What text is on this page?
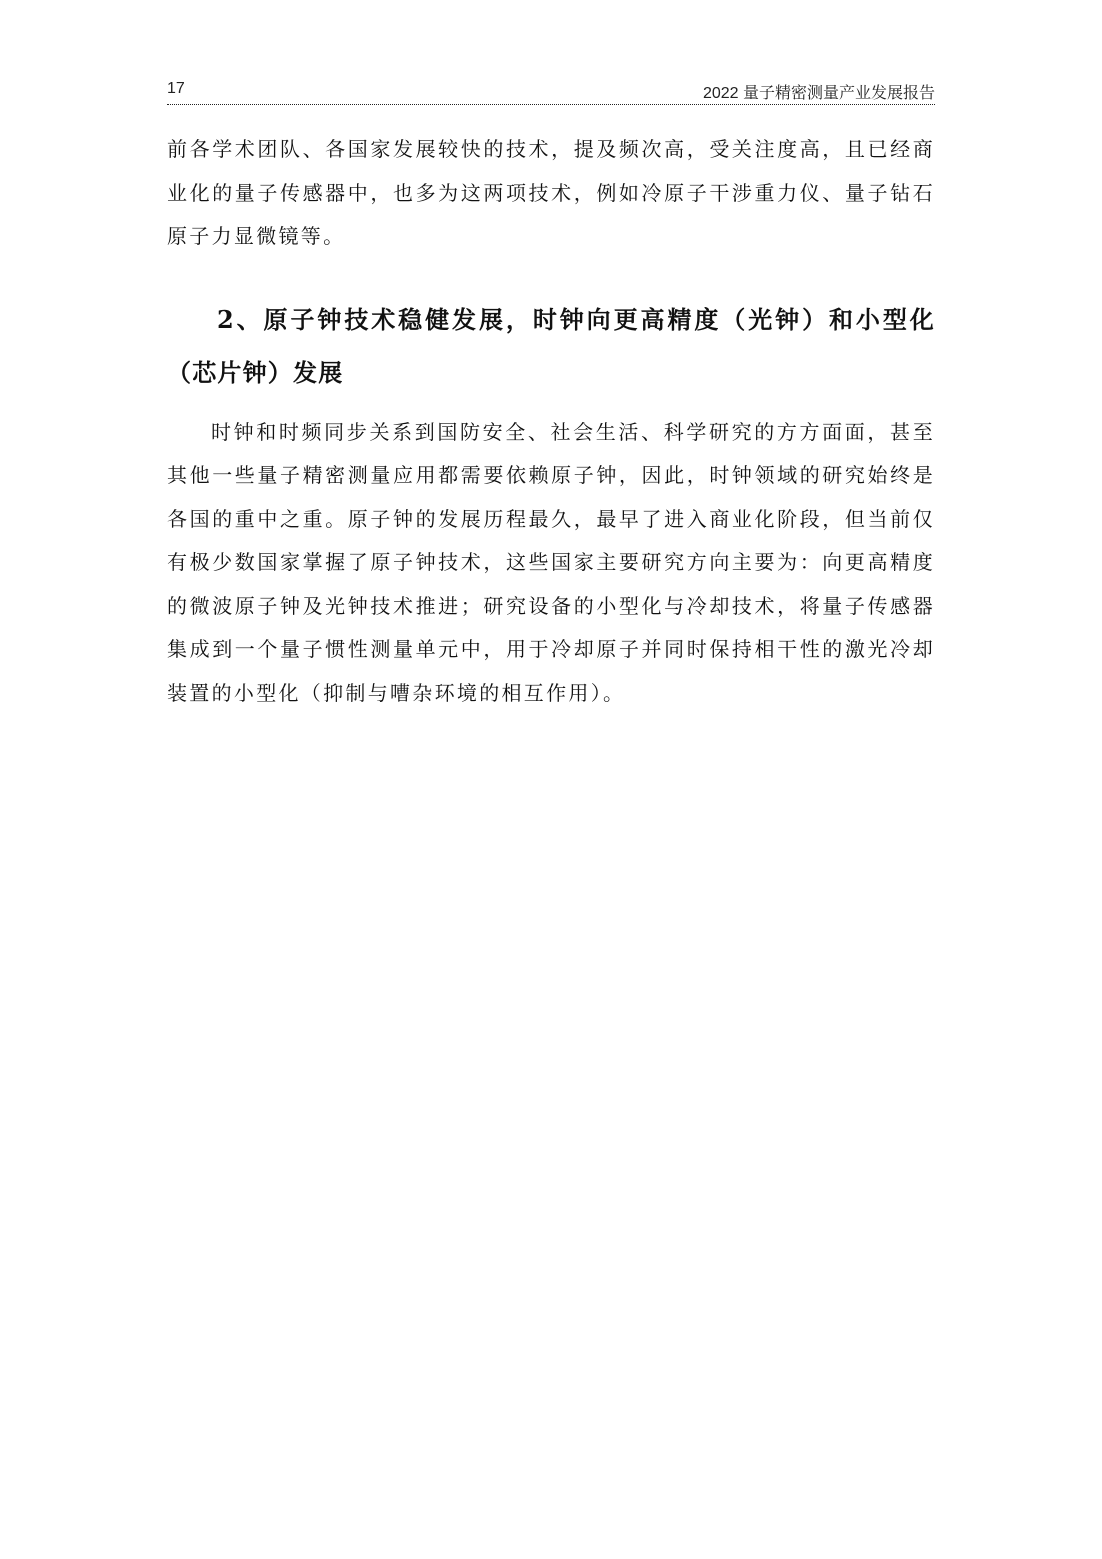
17	2022 量子精密测量产业发展报告

前各学术团队、各国家发展较快的技术，提及频次高，受关注度高，且已经商业化的量子传感器中，也多为这两项技术，例如冷原子干涉重力仪、量子钻石原子力显微镜等。

2、原子钟技术稳健发展，时钟向更高精度（光钟）和小型化（芯片钟）发展

时钟和时频同步关系到国防安全、社会生活、科学研究的方方面面，甚至其他一些量子精密测量应用都需要依赖原子钟，因此，时钟领域的研究始终是各国的重中之重。原子钟的发展历程最久，最早了进入商业化阶段，但当前仅有极少数国家掌握了原子钟技术，这些国家主要研究方向主要为：向更高精度的微波原子钟及光钟技术推进；研究设备的小型化与冷却技术，将量子传感器集成到一个量子惯性测量单元中，用于冷却原子并同时保持相干性的激光冷却装置的小型化（抑制与嘈杂环境的相互作用）。
